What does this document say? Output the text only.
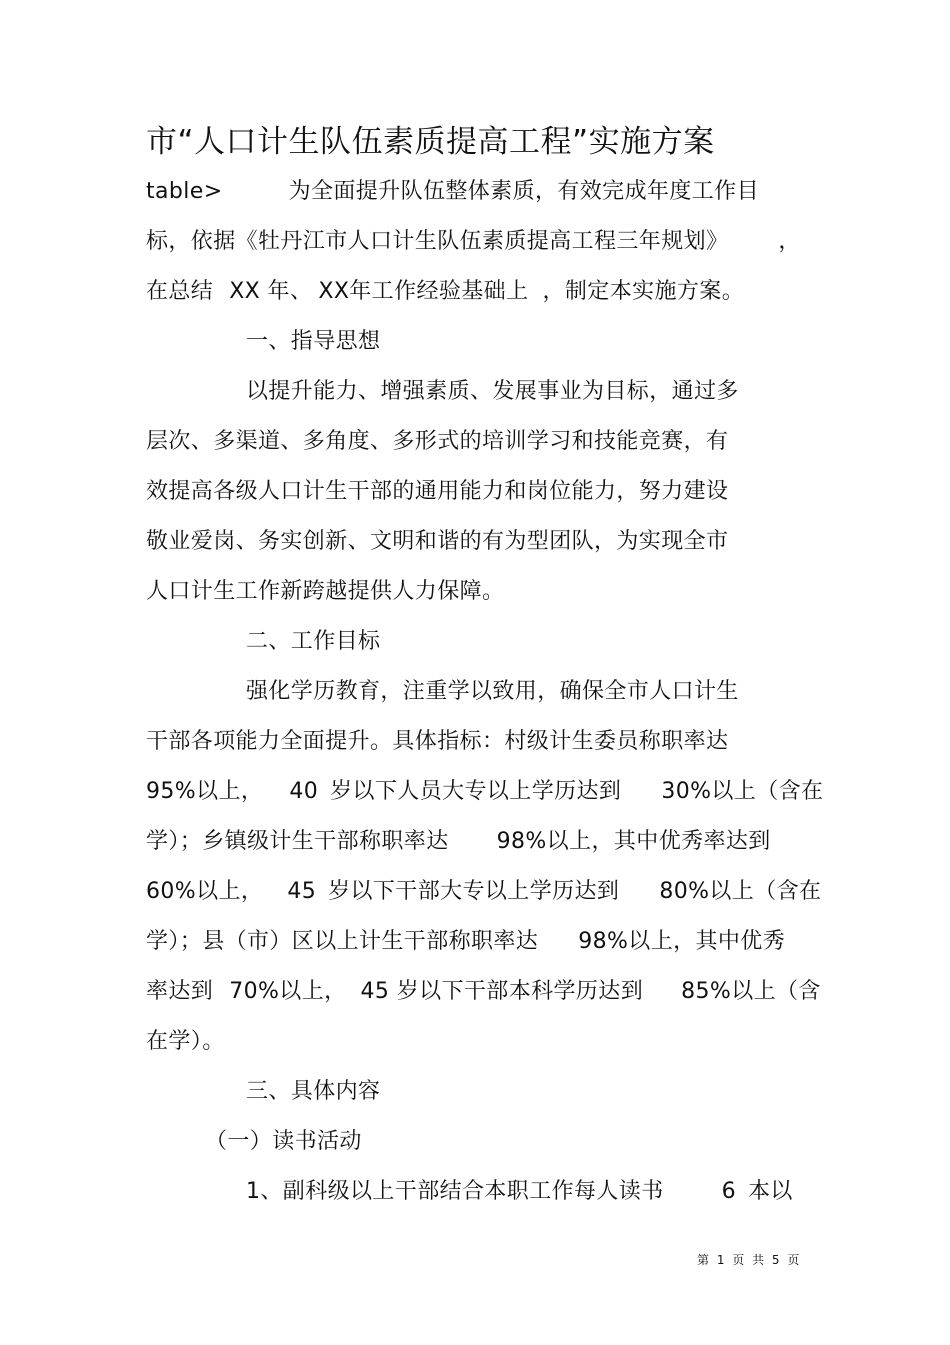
市“人口计生队伍素质提高工程”实施方案
table>	为全面提升队伍整体素质，有效完成年度工作目
标，依据《牡丹江市人口计生队伍素质提高工程三年规划》 ，
在总结 XX 年、 XX年工作经验基础上 ，制定本实施方案。
一、指导思想
以提升能力、增强素质、发展事业为目标，通过多
层次、多渠道、多角度、多形式的培训学习和技能竞赛，有
效提高各级人口计生干部的通用能力和岗位能力，努力建设
敬业爱岗、务实创新、文明和谐的有为型团队，为实现全市
人口计生工作新跨越提供人力保障。
二、工作目标
强化学历教育，注重学以致用，确保全市人口计生
干部各项能力全面提升。具体指标：村级计生委员称职率达
95%以上， 40 岁以下人员大专以上学历达到 30%以上（含在
学）；乡镇级计生干部称职率达 98%以上，其中优秀率达到
60%以上， 45 岁以下干部大专以上学历达到 80%以上（含在
学）；县（市）区以上计生干部称职率达 98%以上，其中优秀
率达到 70%以上， 45 岁以下干部本科学历达到 85%以上（含
在学）。
三、具体内容
（一）读书活动
1、副科级以上干部结合本职工作每人读书	6 本以
第 1 页 共 5 页
